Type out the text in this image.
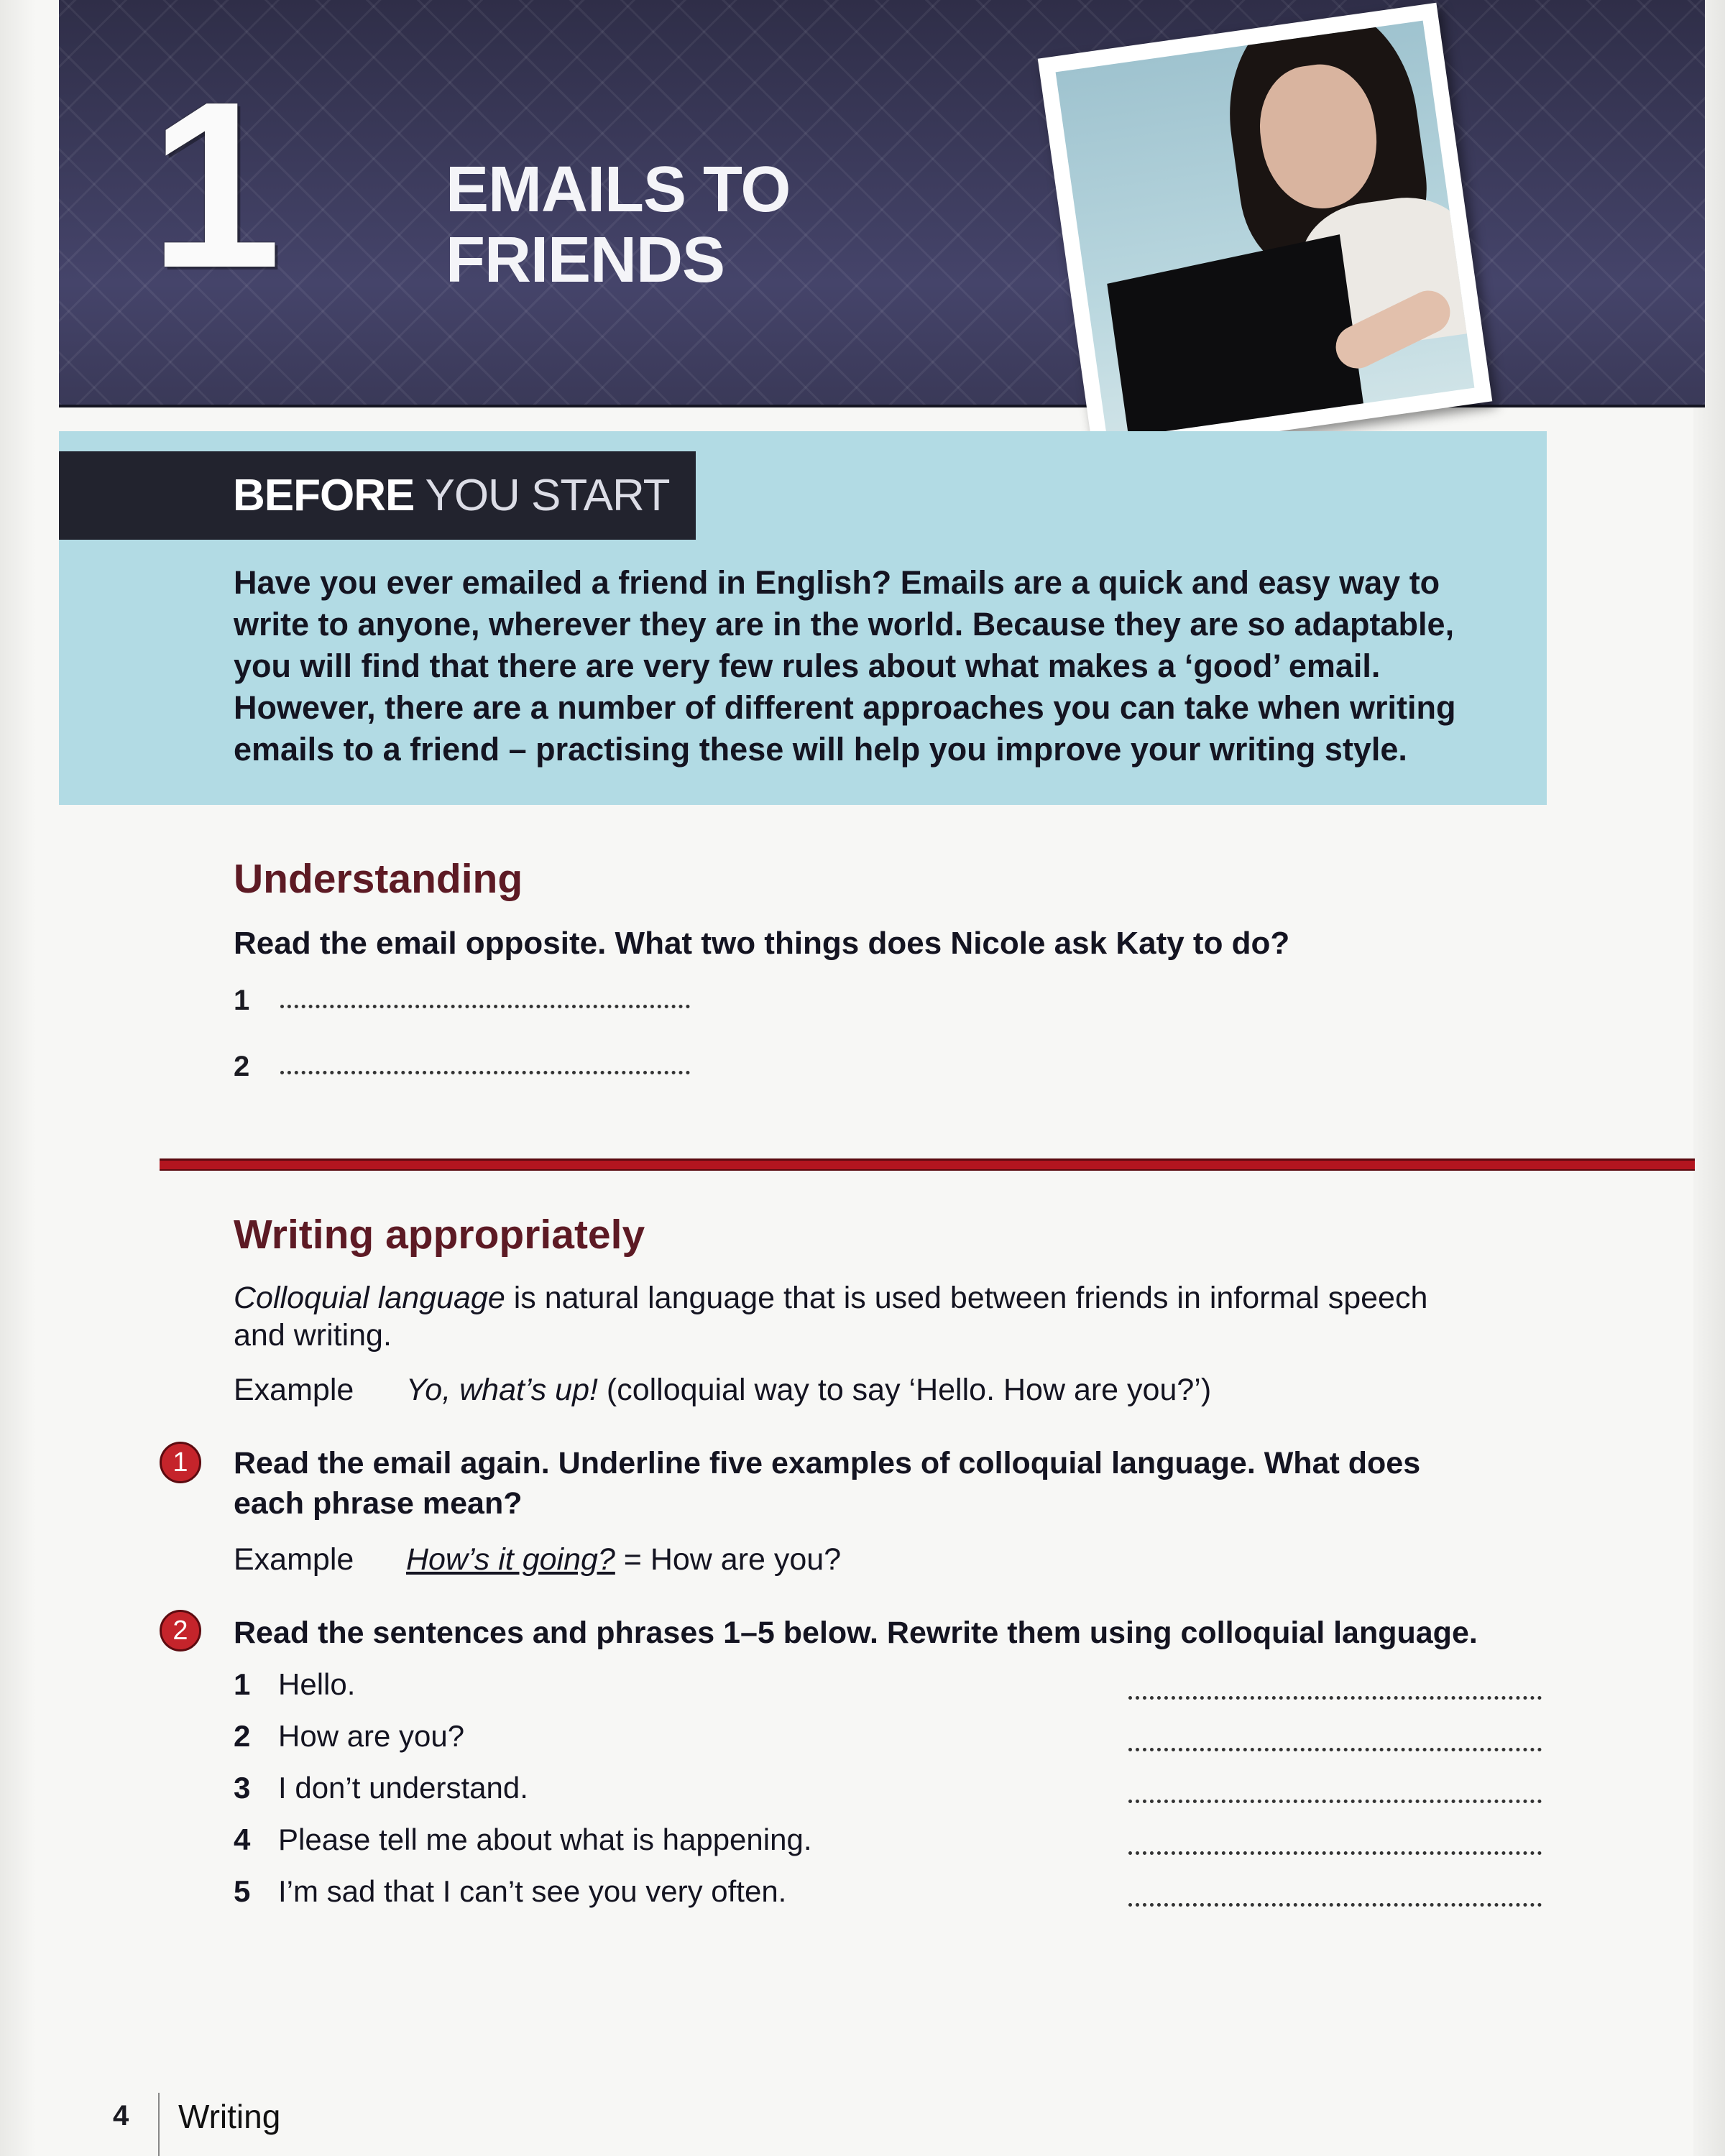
1	EMAILS TO
FRIENDS
BEFORE YOU START
Have you ever emailed a friend in English? Emails are a quick and easy way to
write to anyone, wherever they are in the world. Because they are so adaptable,
you will find that there are very few rules about what makes a ‘good’ email.
However, there are a number of different approaches you can take when writing
emails to a friend – practising these will help you improve your writing style.
Understanding
Read the email opposite. What two things does Nicole ask Katy to do?
1
2
Writing appropriately
Colloquial language is natural language that is used between friends in informal speech
and writing.
Example Yo, what’s up! (colloquial way to say ‘Hello. How are you?’)
1	Read the email again. Underline five examples of colloquial language. What does
each phrase mean?
Example How’s it going? = How are you?
2	Read the sentences and phrases 1–5 below. Rewrite them using colloquial language.
1 Hello.
2 How are you?
3 I don’t understand.
4 Please tell me about what is happening.
5 I’m sad that I can’t see you very often.
4 Writing
